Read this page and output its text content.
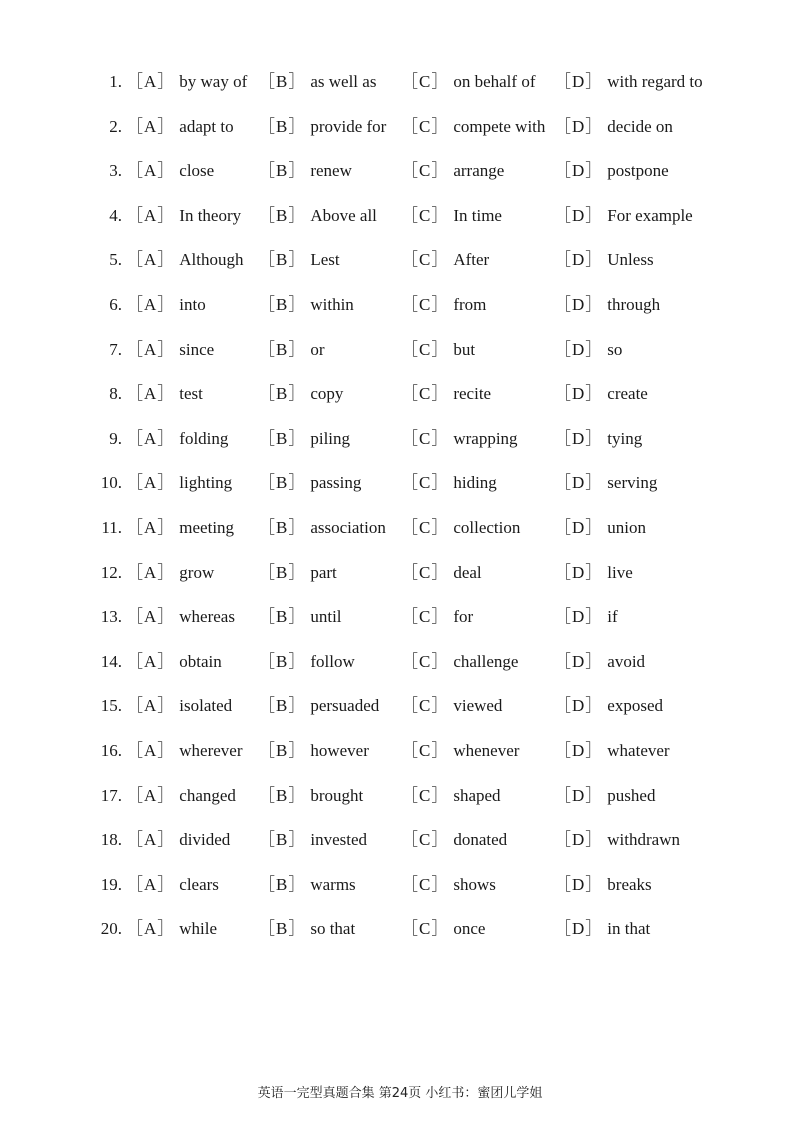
1. ［A］ by way of ［B］ as well as ［C］ on behalf of ［D］ with regard to
2. ［A］ adapt to ［B］ provide for ［C］ compete with ［D］ decide on
3. ［A］ close	［B］ renew	［C］ arrange	［D］ postpone
4. ［A］ In theory ［B］ Above all ［C］ In time	［D］ For example
5. ［A］ Although ［B］ Lest	［C］ After	［D］ Unless
6. ［A］ into	［B］ within	［C］ from	［D］ through
7. ［A］ since	［B］ or	［C］ but	［D］ so
8. ［A］ test	［B］ copy	［C］ recite	［D］ create
9. ［A］ folding ［B］ piling	［C］ wrapping ［D］ tying
10. ［A］ lighting ［B］ passing ［C］ hiding	［D］ serving
11. ［A］ meeting ［B］ association ［C］ collection ［D］ union
12. ［A］ grow	［B］ part	［C］ deal	［D］ live
13. ［A］ whereas ［B］ until	［C］ for	［D］ if
14. ［A］ obtain ［B］ follow	［C］ challenge ［D］ avoid
15. ［A］ isolated ［B］ persuaded ［C］ viewed	［D］ exposed
16. ［A］ wherever ［B］ however ［C］ whenever ［D］ whatever
17. ［A］ changed ［B］ brought ［C］ shaped	［D］ pushed
18. ［A］ divided ［B］ invested ［C］ donated	［D］ withdrawn
19. ［A］ clears ［B］ warms	［C］ shows	［D］ breaks
20. ［A］ while ［B］ so that	［C］ once	［D］ in that
英语一完型真题合集 第24页 小红书：蜜团儿学姐
